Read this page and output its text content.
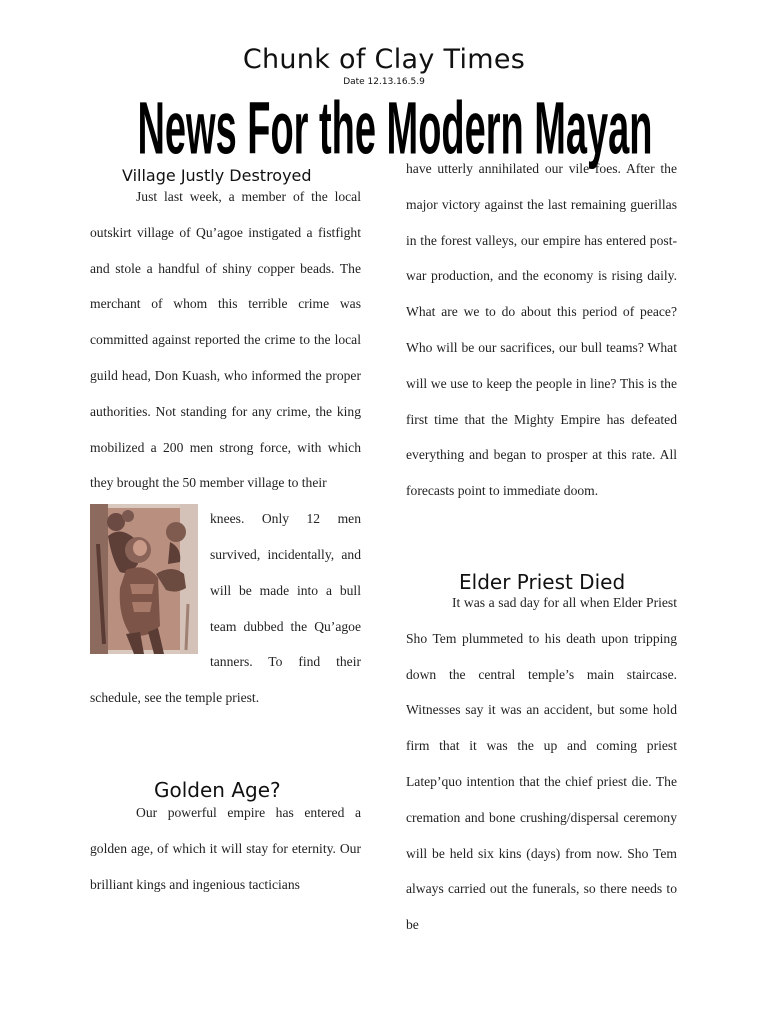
Chunk of Clay Times
Date 12.13.16.5.9
News For the Modern Mayan
Village Justly Destroyed

Just last week, a member of the local outskirt village of Qu’agoe instigated a fistfight and stole a handful of shiny copper beads. The merchant of whom this terrible crime was committed against reported the crime to the local guild head, Don Kuash, who informed the proper authorities. Not standing for any crime, the king mobilized a 200 men strong force, with which they brought the 50 member village to their

knees. Only 12 men survived, incidentally, and will be made into a bull team dubbed the Qu’agoe tanners. To find their schedule, see the temple priest.

Golden Age?

Our powerful empire has entered a golden age, of which it will stay for eternity. Our brilliant kings and ingenious tacticians

have utterly annihilated our vile foes. After the major victory against the last remaining guerillas in the forest valleys, our empire has entered post-war production, and the economy is rising daily. What are we to do about this period of peace? Who will be our sacrifices, our bull teams? What will we use to keep the people in line? This is the first time that the Mighty Empire has defeated everything and began to prosper at this rate. All forecasts point to immediate doom.

Elder Priest Died

It was a sad day for all when Elder Priest Sho Tem plummeted to his death upon tripping down the central temple’s main staircase. Witnesses say it was an accident, but some hold firm that it was the up and coming priest Latep’quo intention that the chief priest die. The cremation and bone crushing/dispersal ceremony will be held six kins (days) from now. Sho Tem always carried out the funerals, so there needs to be
